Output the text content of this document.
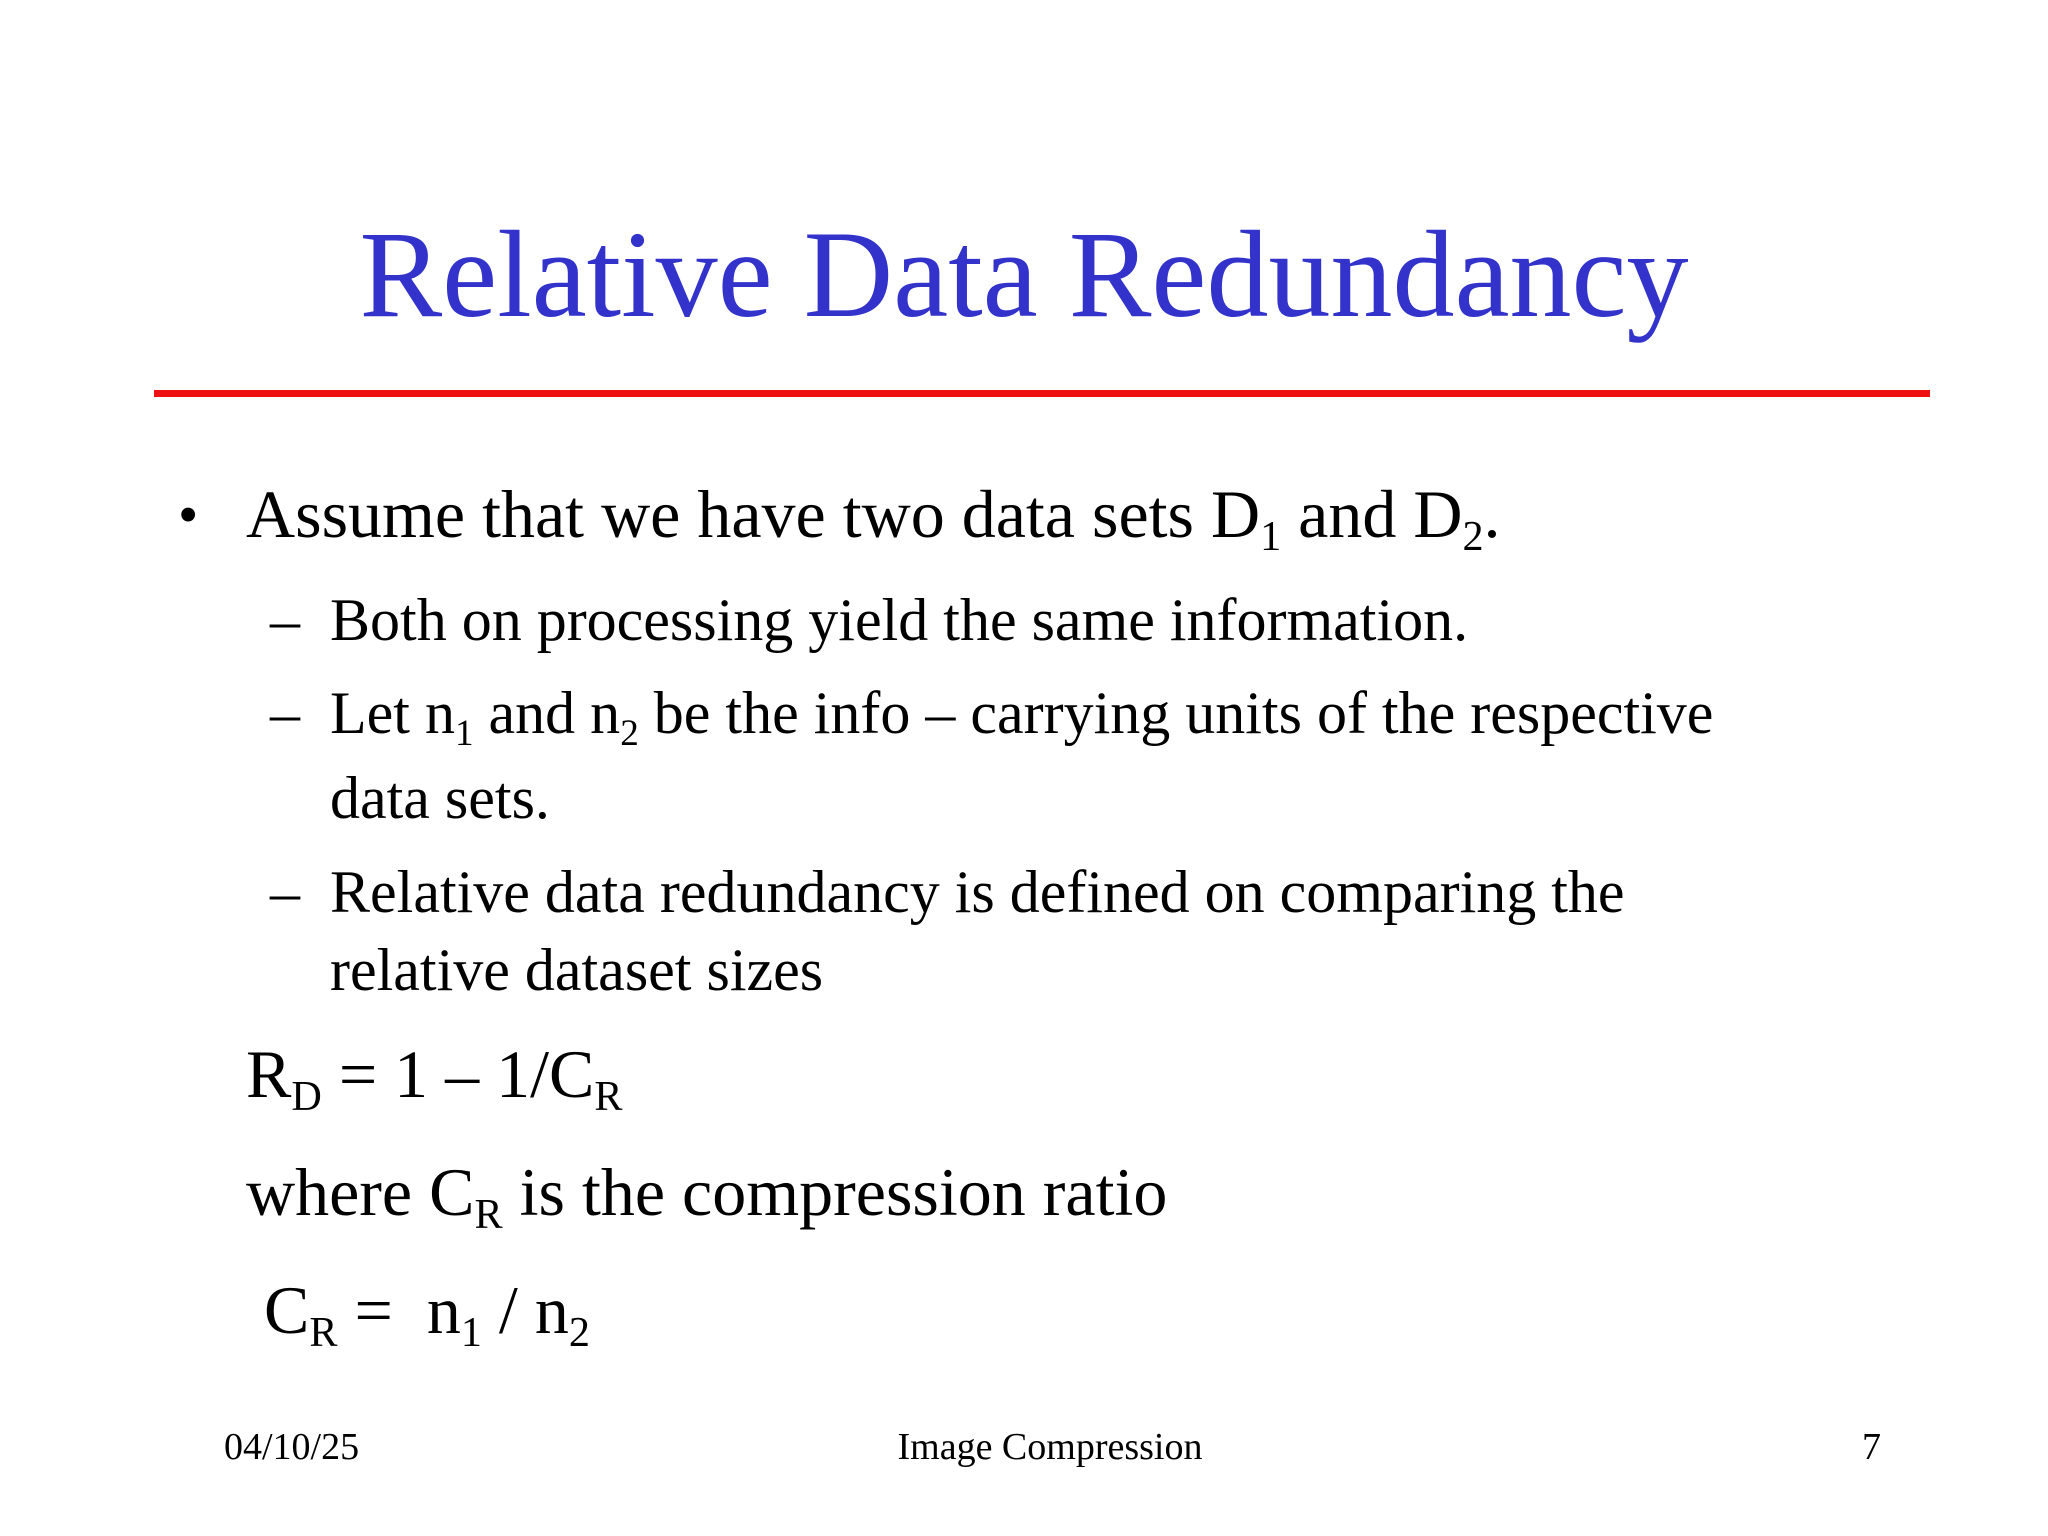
Relative Data Redundancy
• Assume that we have two data sets D1 and D2.
– Both on processing yield the same information.
– Let n1 and n2 be the info – carrying units of the respective
data sets.
– Relative data redundancy is defined on comparing the
relative dataset sizes
RD = 1 – 1/CR
where CR is the compression ratio
CR =  n1 / n2
04/10/25	Image Compression	7
